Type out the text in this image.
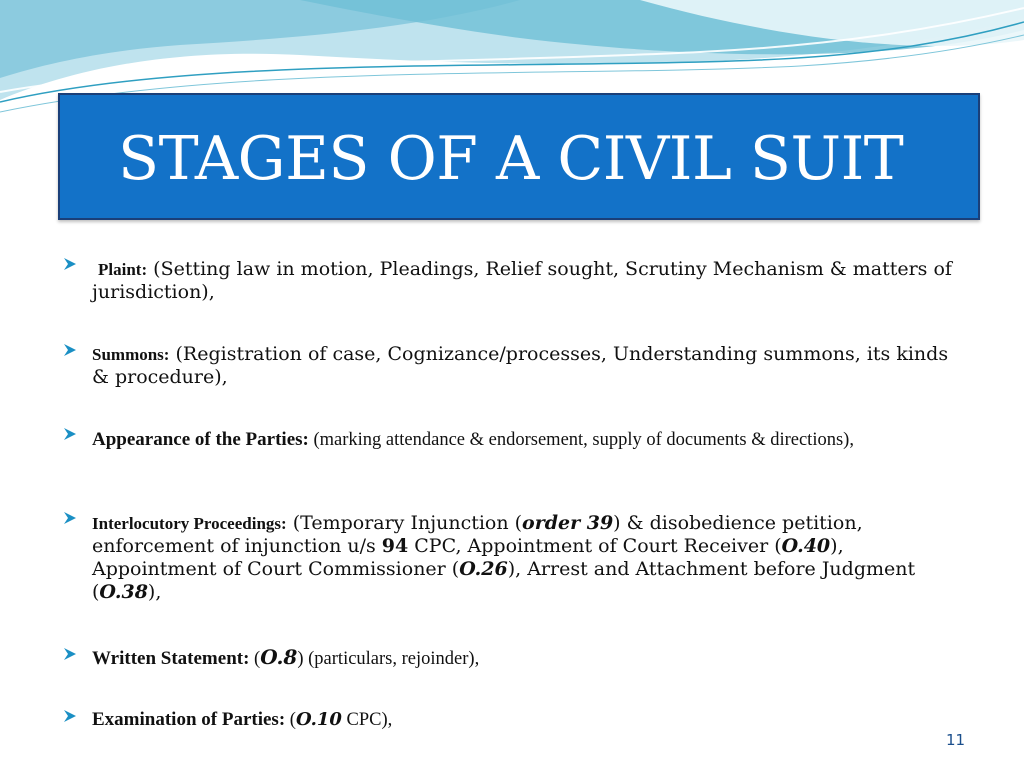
STAGES OF A CIVIL SUIT
Plaint: (Setting law in motion, Pleadings, Relief sought, Scrutiny Mechanism & matters of jurisdiction),
Summons: (Registration of case, Cognizance/processes, Understanding summons, its kinds & procedure),
Appearance of the Parties: (marking attendance & endorsement, supply of documents & directions),
Interlocutory Proceedings: (Temporary Injunction (order 39) & disobedience petition, enforcement of injunction u/s 94 CPC, Appointment of Court Receiver (O.40), Appointment of Court Commissioner (O.26), Arrest and Attachment before Judgment (O.38),
Written Statement: (O.8) (particulars, rejoinder),
Examination of Parties: (O.10 CPC),
11
